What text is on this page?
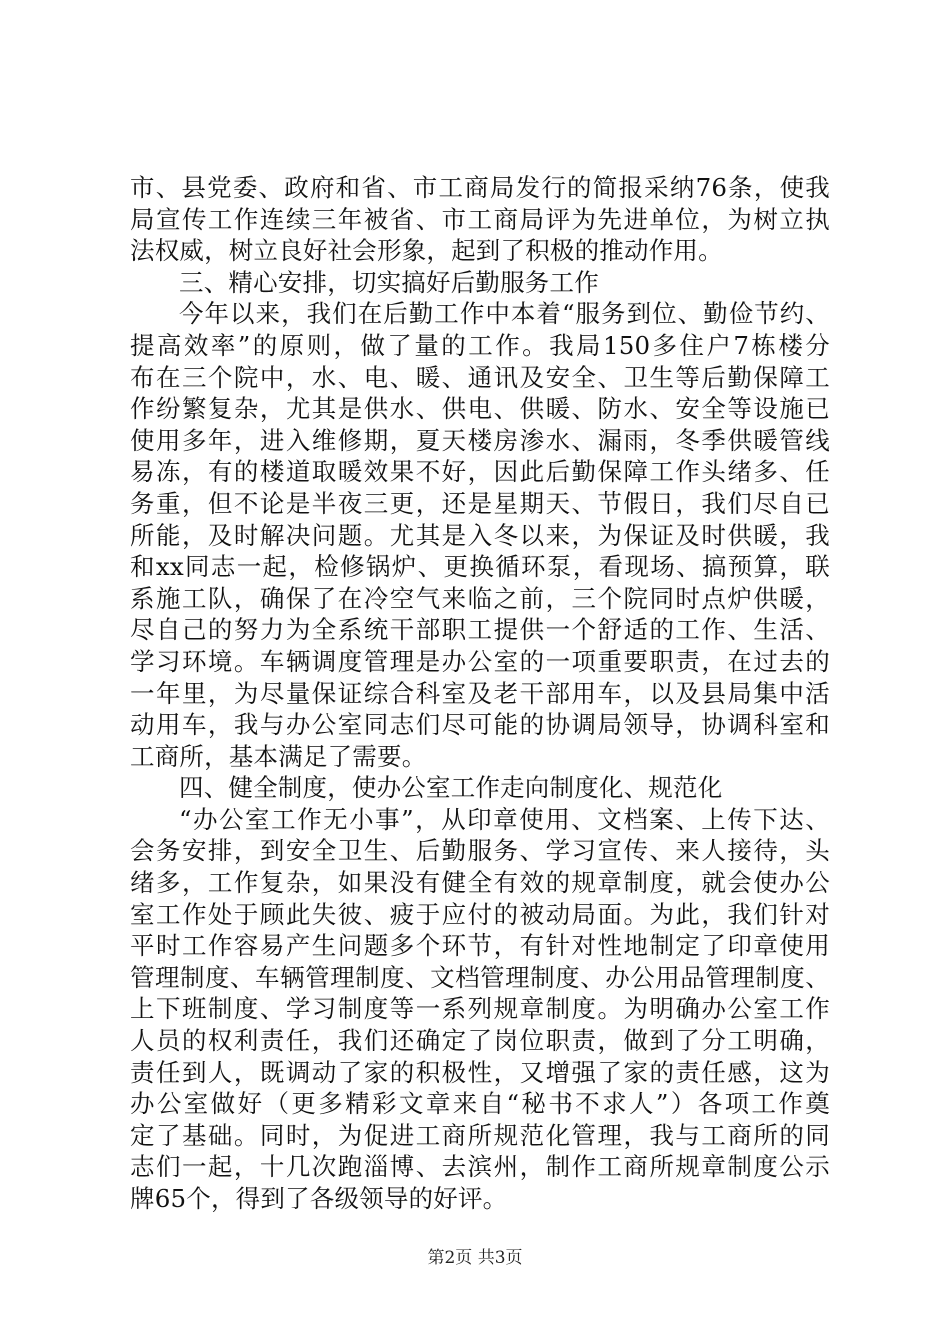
市、县党委、政府和省、市工商局发行的简报采纳76条，使我
局宣传工作连续三年被省、市工商局评为先进单位，为树立执
法权威，树立良好社会形象，起到了积极的推动作用。
三、精心安排，切实搞好后勤服务工作
今年以来，我们在后勤工作中本着“服务到位、勤俭节约、
提高效率”的原则，做了量的工作。我局150多住户7栋楼分
布在三个院中，水、电、暖、通讯及安全、卫生等后勤保障工
作纷繁复杂，尤其是供水、供电、供暖、防水、安全等设施已
使用多年，进入维修期，夏天楼房渗水、漏雨，冬季供暖管线
易冻，有的楼道取暖效果不好，因此后勤保障工作头绪多、任
务重，但不论是半夜三更，还是星期天、节假日，我们尽自已
所能，及时解决问题。尤其是入冬以来，为保证及时供暖，我
和xx同志一起，检修锅炉、更换循环泵，看现场、搞预算，联
系施工队，确保了在冷空气来临之前，三个院同时点炉供暖，
尽自己的努力为全系统干部职工提供一个舒适的工作、生活、
学习环境。车辆调度管理是办公室的一项重要职责，在过去的
一年里，为尽量保证综合科室及老干部用车，以及县局集中活
动用车，我与办公室同志们尽可能的协调局领导，协调科室和
工商所，基本满足了需要。
四、健全制度，使办公室工作走向制度化、规范化
“办公室工作无小事”，从印章使用、文档案、上传下达、
会务安排，到安全卫生、后勤服务、学习宣传、来人接待，头
绪多，工作复杂，如果没有健全有效的规章制度，就会使办公
室工作处于顾此失彼、疲于应付的被动局面。为此，我们针对
平时工作容易产生问题多个环节，有针对性地制定了印章使用
管理制度、车辆管理制度、文档管理制度、办公用品管理制度、
上下班制度、学习制度等一系列规章制度。为明确办公室工作
人员的权利责任，我们还确定了岗位职责，做到了分工明确，
责任到人，既调动了家的积极性，又增强了家的责任感，这为
办公室做好（更多精彩文章来自“秘书不求人”）各项工作奠
定了基础。同时，为促进工商所规范化管理，我与工商所的同
志们一起，十几次跑淄博、去滨州，制作工商所规章制度公示
牌65个，得到了各级领导的好评。
第2页 共3页
